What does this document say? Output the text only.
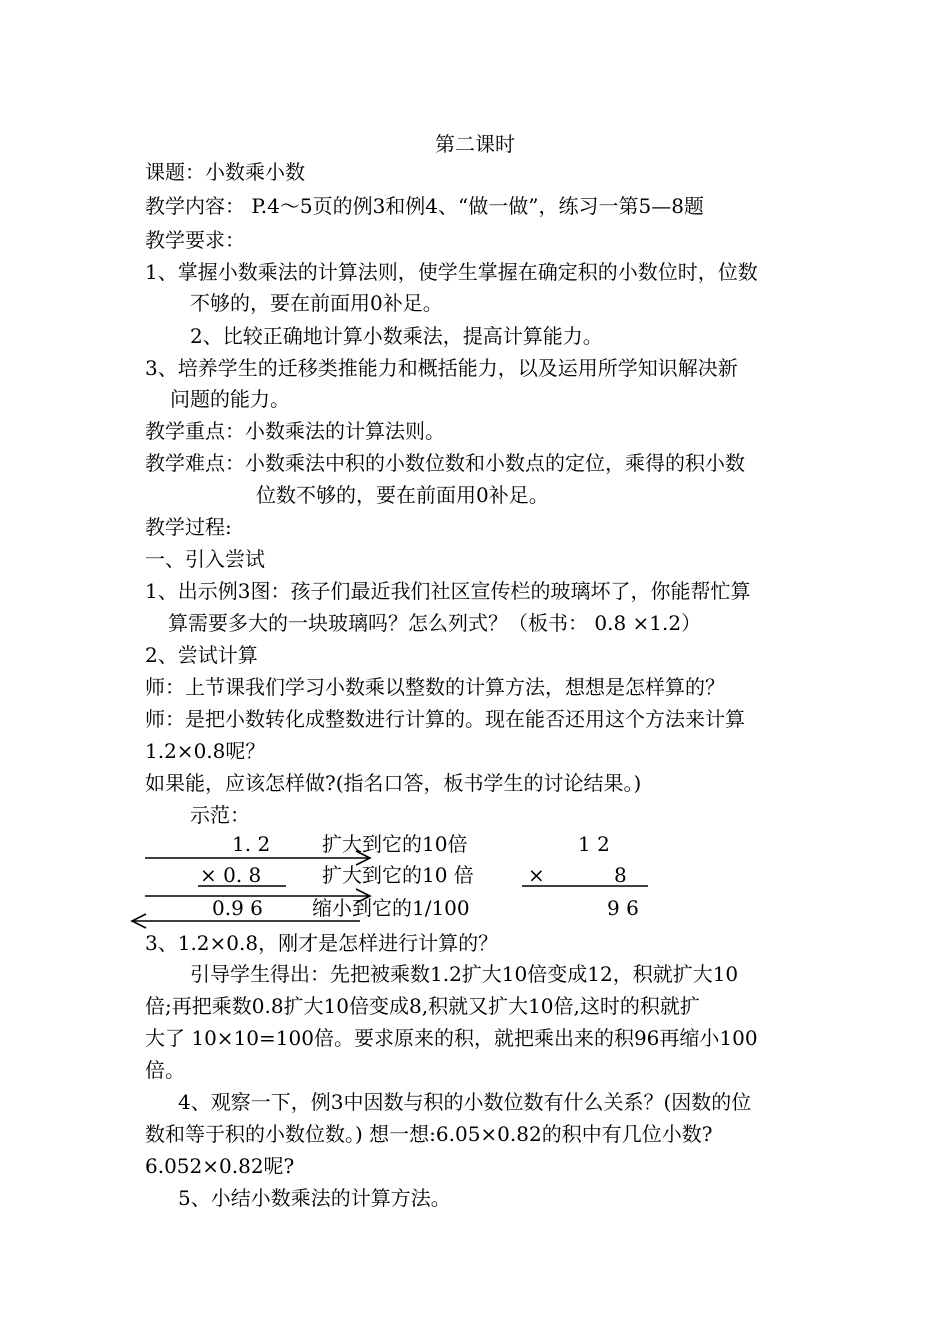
第二课时
课题：小数乘小数
教学内容： P.4～5页的例3和例4、“做一做”，练习一第5—8题
教学要求：
1、掌握小数乘法的计算法则，使学生掌握在确定积的小数位时，位数
不够的，要在前面用0补足。
2、比较正确地计算小数乘法，提高计算能力。
3、培养学生的迁移类推能力和概括能力，以及运用所学知识解决新
问题的能力。
教学重点：小数乘法的计算法则。
教学难点：小数乘法中积的小数位数和小数点的定位，乘得的积小数
位数不够的，要在前面用0补足。
教学过程:
一、引入尝试
1、出示例3图：孩子们最近我们社区宣传栏的玻璃坏了，你能帮忙算
算需要多大的一块玻璃吗？怎么列式？（板书： 0.8 ×1.2）
2、尝试计算
师：上节课我们学习小数乘以整数的计算方法，想想是怎样算的？
师：是把小数转化成整数进行计算的。现在能否还用这个方法来计算
1.2×0.8呢？
如果能，应该怎样做?(指名口答，板书学生的讨论结果。)
示范：
1. 2	扩大到它的10倍	1 2
× 0. 8	扩大到它的10 倍	×	8
0.9 6 缩小到它的1/100	9 6
3、1.2×0.8，刚才是怎样进行计算的？
引导学生得出：先把被乘数1.2扩大10倍变成12，积就扩大10
倍;再把乘数0.8扩大10倍变成8,积就又扩大10倍,这时的积就扩
大了 10×10=100倍。要求原来的积，就把乘出来的积96再缩小100
倍。
4、观察一下，例3中因数与积的小数位数有什么关系？(因数的位
数和等于积的小数位数。) 想一想:6.05×0.82的积中有几位小数?
6.052×0.82呢?
5、小结小数乘法的计算方法。
